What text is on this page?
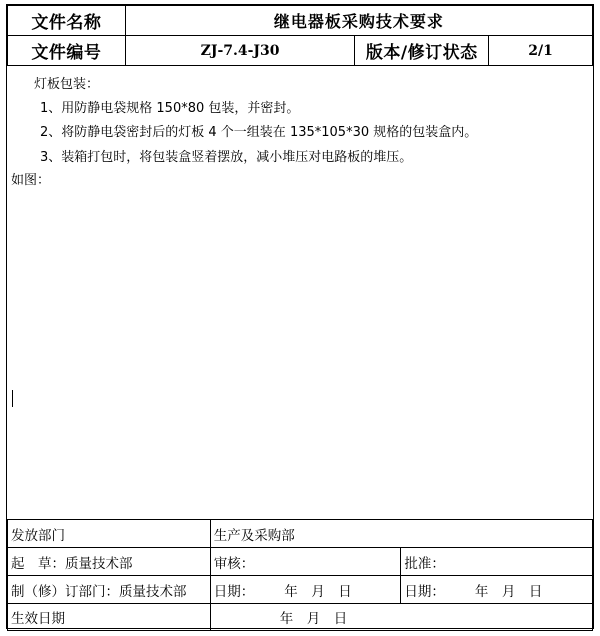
文件名称	继电器板采购技术要求		
文件编号	ZJ-7.4-J30	版本/修订状态	2/1
灯板包装：
1、用防静电袋规格 150*80 包装，并密封。
2、将防静电袋密封后的灯板 4 个一组装在 135*105*30 规格的包装盒内。
3、装箱打包时，将包装盒竖着摆放，减小堆压对电路板的堆压。
如图：
发放部门	生产及采购部	
起　草：质量技术部	审核：	批准：
制（修）订部门：质量技术部	日期： 年　月　日	日期： 年　月　日
生效日期	年　月　日	
